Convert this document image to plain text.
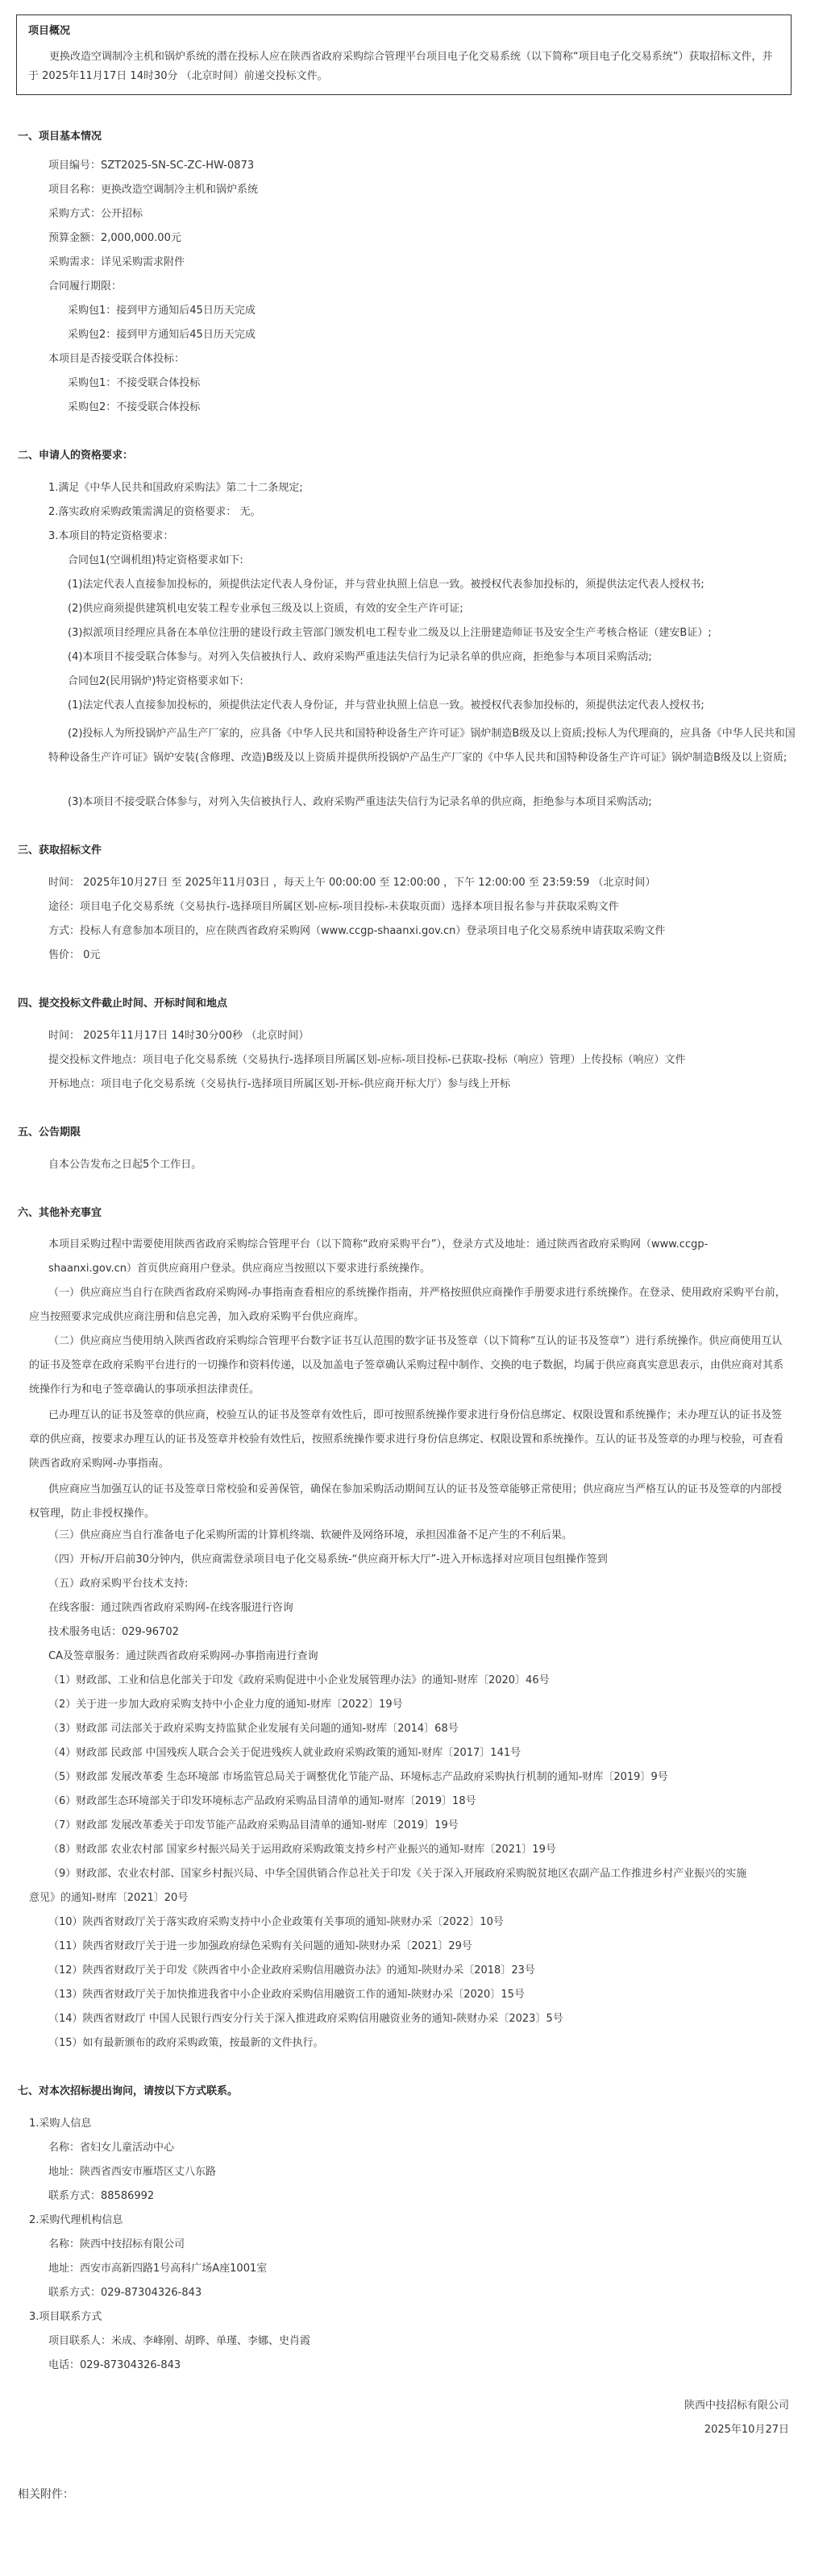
项目概况
更换改造空调制冷主机和锅炉系统的潜在投标人应在陕西省政府采购综合管理平台项目电子化交易系统（以下简称“项目电子化交易系统”）获取招标文件，并于 2025年11月17日 14时30分 （北京时间）前递交投标文件。
一、项目基本情况
项目编号：SZT2025-SN-SC-ZC-HW-0873
项目名称：更换改造空调制冷主机和锅炉系统
采购方式：公开招标
预算金额：2,000,000.00元
采购需求：详见采购需求附件
合同履行期限：
采购包1：接到甲方通知后45日历天完成
采购包2：接到甲方通知后45日历天完成
本项目是否接受联合体投标：
采购包1：不接受联合体投标
采购包2：不接受联合体投标
二、申请人的资格要求：
1.满足《中华人民共和国政府采购法》第二十二条规定;
2.落实政府采购政策需满足的资格要求： 无。
3.本项目的特定资格要求：
合同包1(空调机组)特定资格要求如下:
(1)法定代表人直接参加投标的，须提供法定代表人身份证，并与营业执照上信息一致。被授权代表参加投标的，须提供法定代表人授权书;
(2)供应商须提供建筑机电安装工程专业承包三级及以上资质，有效的安全生产许可证;
(3)拟派项目经理应具备在本单位注册的建设行政主管部门颁发机电工程专业二级及以上注册建造师证书及安全生产考核合格证（建安B证）;
(4)本项目不接受联合体参与。对列入失信被执行人、政府采购严重违法失信行为记录名单的供应商，拒绝参与本项目采购活动;
合同包2(民用锅炉)特定资格要求如下:
(1)法定代表人直接参加投标的，须提供法定代表人身份证，并与营业执照上信息一致。被授权代表参加投标的，须提供法定代表人授权书;
(2)投标人为所投锅炉产品生产厂家的，应具备《中华人民共和国特种设备生产许可证》锅炉制造B级及以上资质;投标人为代理商的，应具备《中华人民共和国特种设备生产许可证》锅炉安装(含修理、改造)B级及以上资质并提供所投锅炉产品生产厂家的《中华人民共和国特种设备生产许可证》锅炉制造B级及以上资质;
(3)本项目不接受联合体参与，对列入失信被执行人、政府采购严重违法失信行为记录名单的供应商，拒绝参与本项目采购活动;
三、获取招标文件
时间： 2025年10月27日 至 2025年11月03日 ，每天上午 00:00:00 至 12:00:00 ，下午 12:00:00 至 23:59:59 （北京时间）
途径：项目电子化交易系统（交易执行-选择项目所属区划-应标-项目投标-未获取页面）选择本项目报名参与并获取采购文件
方式：投标人有意参加本项目的，应在陕西省政府采购网（www.ccgp-shaanxi.gov.cn）登录项目电子化交易系统申请获取采购文件
售价： 0元
四、提交投标文件截止时间、开标时间和地点
时间： 2025年11月17日 14时30分00秒 （北京时间）
提交投标文件地点：项目电子化交易系统（交易执行-选择项目所属区划-应标-项目投标-已获取-投标（响应）管理）上传投标（响应）文件
开标地点：项目电子化交易系统（交易执行-选择项目所属区划-开标-供应商开标大厅）参与线上开标
五、公告期限
自本公告发布之日起5个工作日。
六、其他补充事宜
本项目采购过程中需要使用陕西省政府采购综合管理平台（以下简称“政府采购平台”），登录方式及地址：通过陕西省政府采购网（www.ccgp-shaanxi.gov.cn）首页供应商用户登录。供应商应当按照以下要求进行系统操作。
（一）供应商应当自行在陕西省政府采购网-办事指南查看相应的系统操作指南，并严格按照供应商操作手册要求进行系统操作。在登录、使用政府采购平台前，应当按照要求完成供应商注册和信息完善，加入政府采购平台供应商库。
（二）供应商应当使用纳入陕西省政府采购综合管理平台数字证书互认范围的数字证书及签章（以下简称“互认的证书及签章”）进行系统操作。供应商使用互认的证书及签章在政府采购平台进行的一切操作和资料传递，以及加盖电子签章确认采购过程中制作、交换的电子数据，均属于供应商真实意思表示，由供应商对其系统操作行为和电子签章确认的事项承担法律责任。
已办理互认的证书及签章的供应商，校验互认的证书及签章有效性后，即可按照系统操作要求进行身份信息绑定、权限设置和系统操作；未办理互认的证书及签章的供应商，按要求办理互认的证书及签章并校验有效性后，按照系统操作要求进行身份信息绑定、权限设置和系统操作。互认的证书及签章的办理与校验，可查看陕西省政府采购网-办事指南。
供应商应当加强互认的证书及签章日常校验和妥善保管，确保在参加采购活动期间互认的证书及签章能够正常使用；供应商应当严格互认的证书及签章的内部授权管理，防止非授权操作。
（三）供应商应当自行准备电子化采购所需的计算机终端、软硬件及网络环境，承担因准备不足产生的不利后果。
（四）开标/开启前30分钟内，供应商需登录项目电子化交易系统-“供应商开标大厅”-进入开标选择对应项目包组操作签到
（五）政府采购平台技术支持:
在线客服：通过陕西省政府采购网-在线客服进行咨询
技术服务电话：029-96702
CA及签章服务：通过陕西省政府采购网-办事指南进行查询
（1）财政部、工业和信息化部关于印发《政府采购促进中小企业发展管理办法》的通知-财库〔2020〕46号
（2）关于进一步加大政府采购支持中小企业力度的通知-财库〔2022〕19号
（3）财政部 司法部关于政府采购支持监狱企业发展有关问题的通知-财库〔2014〕68号
（4）财政部 民政部 中国残疾人联合会关于促进残疾人就业政府采购政策的通知-财库〔2017〕141号
（5）财政部 发展改革委 生态环境部 市场监管总局关于调整优化节能产品、环境标志产品政府采购执行机制的通知-财库〔2019〕9号
（6）财政部生态环境部关于印发环境标志产品政府采购品目清单的通知-财库〔2019〕18号
（7）财政部 发展改革委关于印发节能产品政府采购品目清单的通知-财库〔2019〕19号
（8）财政部 农业农村部 国家乡村振兴局关于运用政府采购政策支持乡村产业振兴的通知-财库〔2021〕19号
（9）财政部、农业农村部、国家乡村振兴局、中华全国供销合作总社关于印发《关于深入开展政府采购脱贫地区农副产品工作推进乡村产业振兴的实施
意见》的通知-财库〔2021〕20号
（10）陕西省财政厅关于落实政府采购支持中小企业政策有关事项的通知-陕财办采〔2022〕10号
（11）陕西省财政厅关于进一步加强政府绿色采购有关问题的通知-陕财办采〔2021〕29号
（12）陕西省财政厅关于印发《陕西省中小企业政府采购信用融资办法》的通知-陕财办采〔2018〕23号
（13）陕西省财政厅关于加快推进我省中小企业政府采购信用融资工作的通知-陕财办采〔2020〕15号
（14）陕西省财政厅 中国人民银行西安分行关于深入推进政府采购信用融资业务的通知-陕财办采〔2023〕5号
（15）如有最新颁布的政府采购政策，按最新的文件执行。
七、对本次招标提出询问，请按以下方式联系。
1.采购人信息
名称：省妇女儿童活动中心
地址：陕西省西安市雁塔区丈八东路
联系方式：88586992
2.采购代理机构信息
名称：陕西中技招标有限公司
地址：西安市高新四路1号高科广场A座1001室
联系方式：029-87304326-843
3.项目联系方式
项目联系人：米成、李峰刚、胡晔、单瑾、李娜、史肖霞
电话：029-87304326-843
陕西中技招标有限公司
2025年10月27日
相关附件：
